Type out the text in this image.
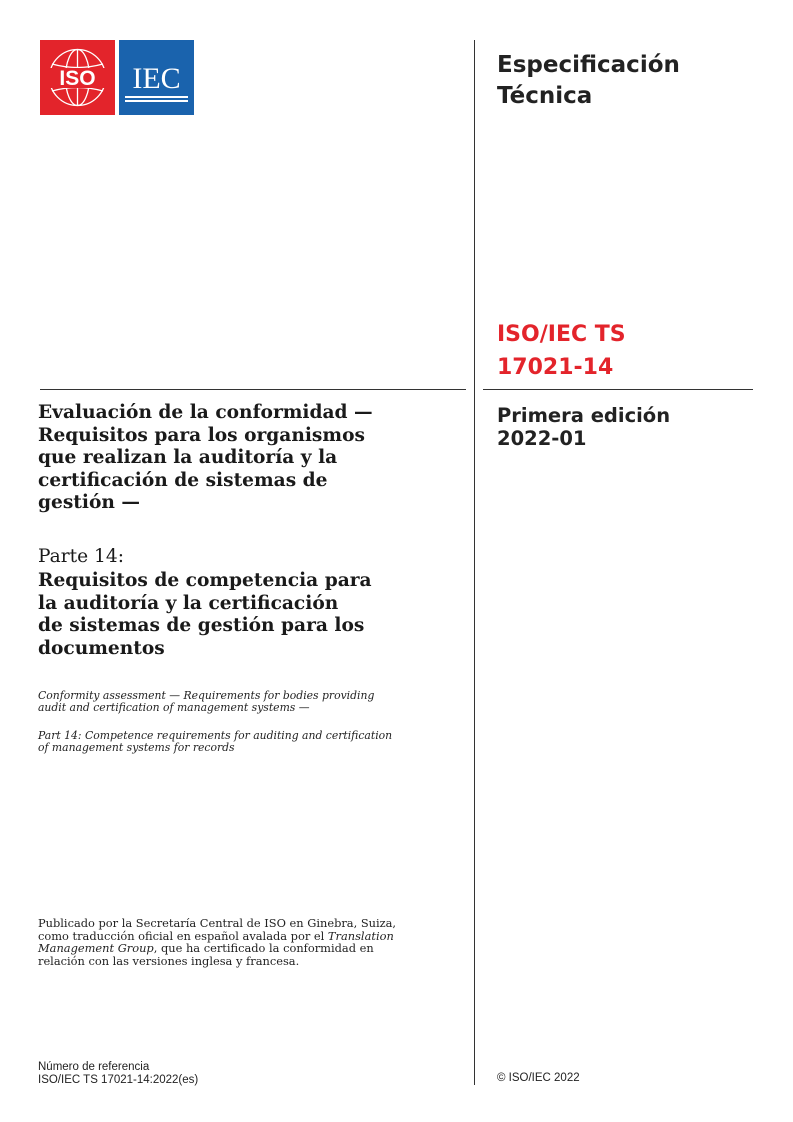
ISO IEC	Especificación
Técnica
ISO/IEC TS
17021-14
Primera edición
2022-01
Evaluación de la conformidad —
Requisitos para los organismos
que realizan la auditoría y la
certificación de sistemas de
gestión —
Parte 14:
Requisitos de competencia para
la auditoría y la certificación
de sistemas de gestión para los
documentos
Conformity assessment — Requirements for bodies providing
audit and certification of management systems —
Part 14: Competence requirements for auditing and certification
of management systems for records
Publicado por la Secretaría Central de ISO en Ginebra, Suiza,
como traducción oficial en español avalada por el Translation
Management Group, que ha certificado la conformidad en
relación con las versiones inglesa y francesa.
Número de referencia
ISO/IEC TS 17021-14:2022(es)	© ISO/IEC 2022
